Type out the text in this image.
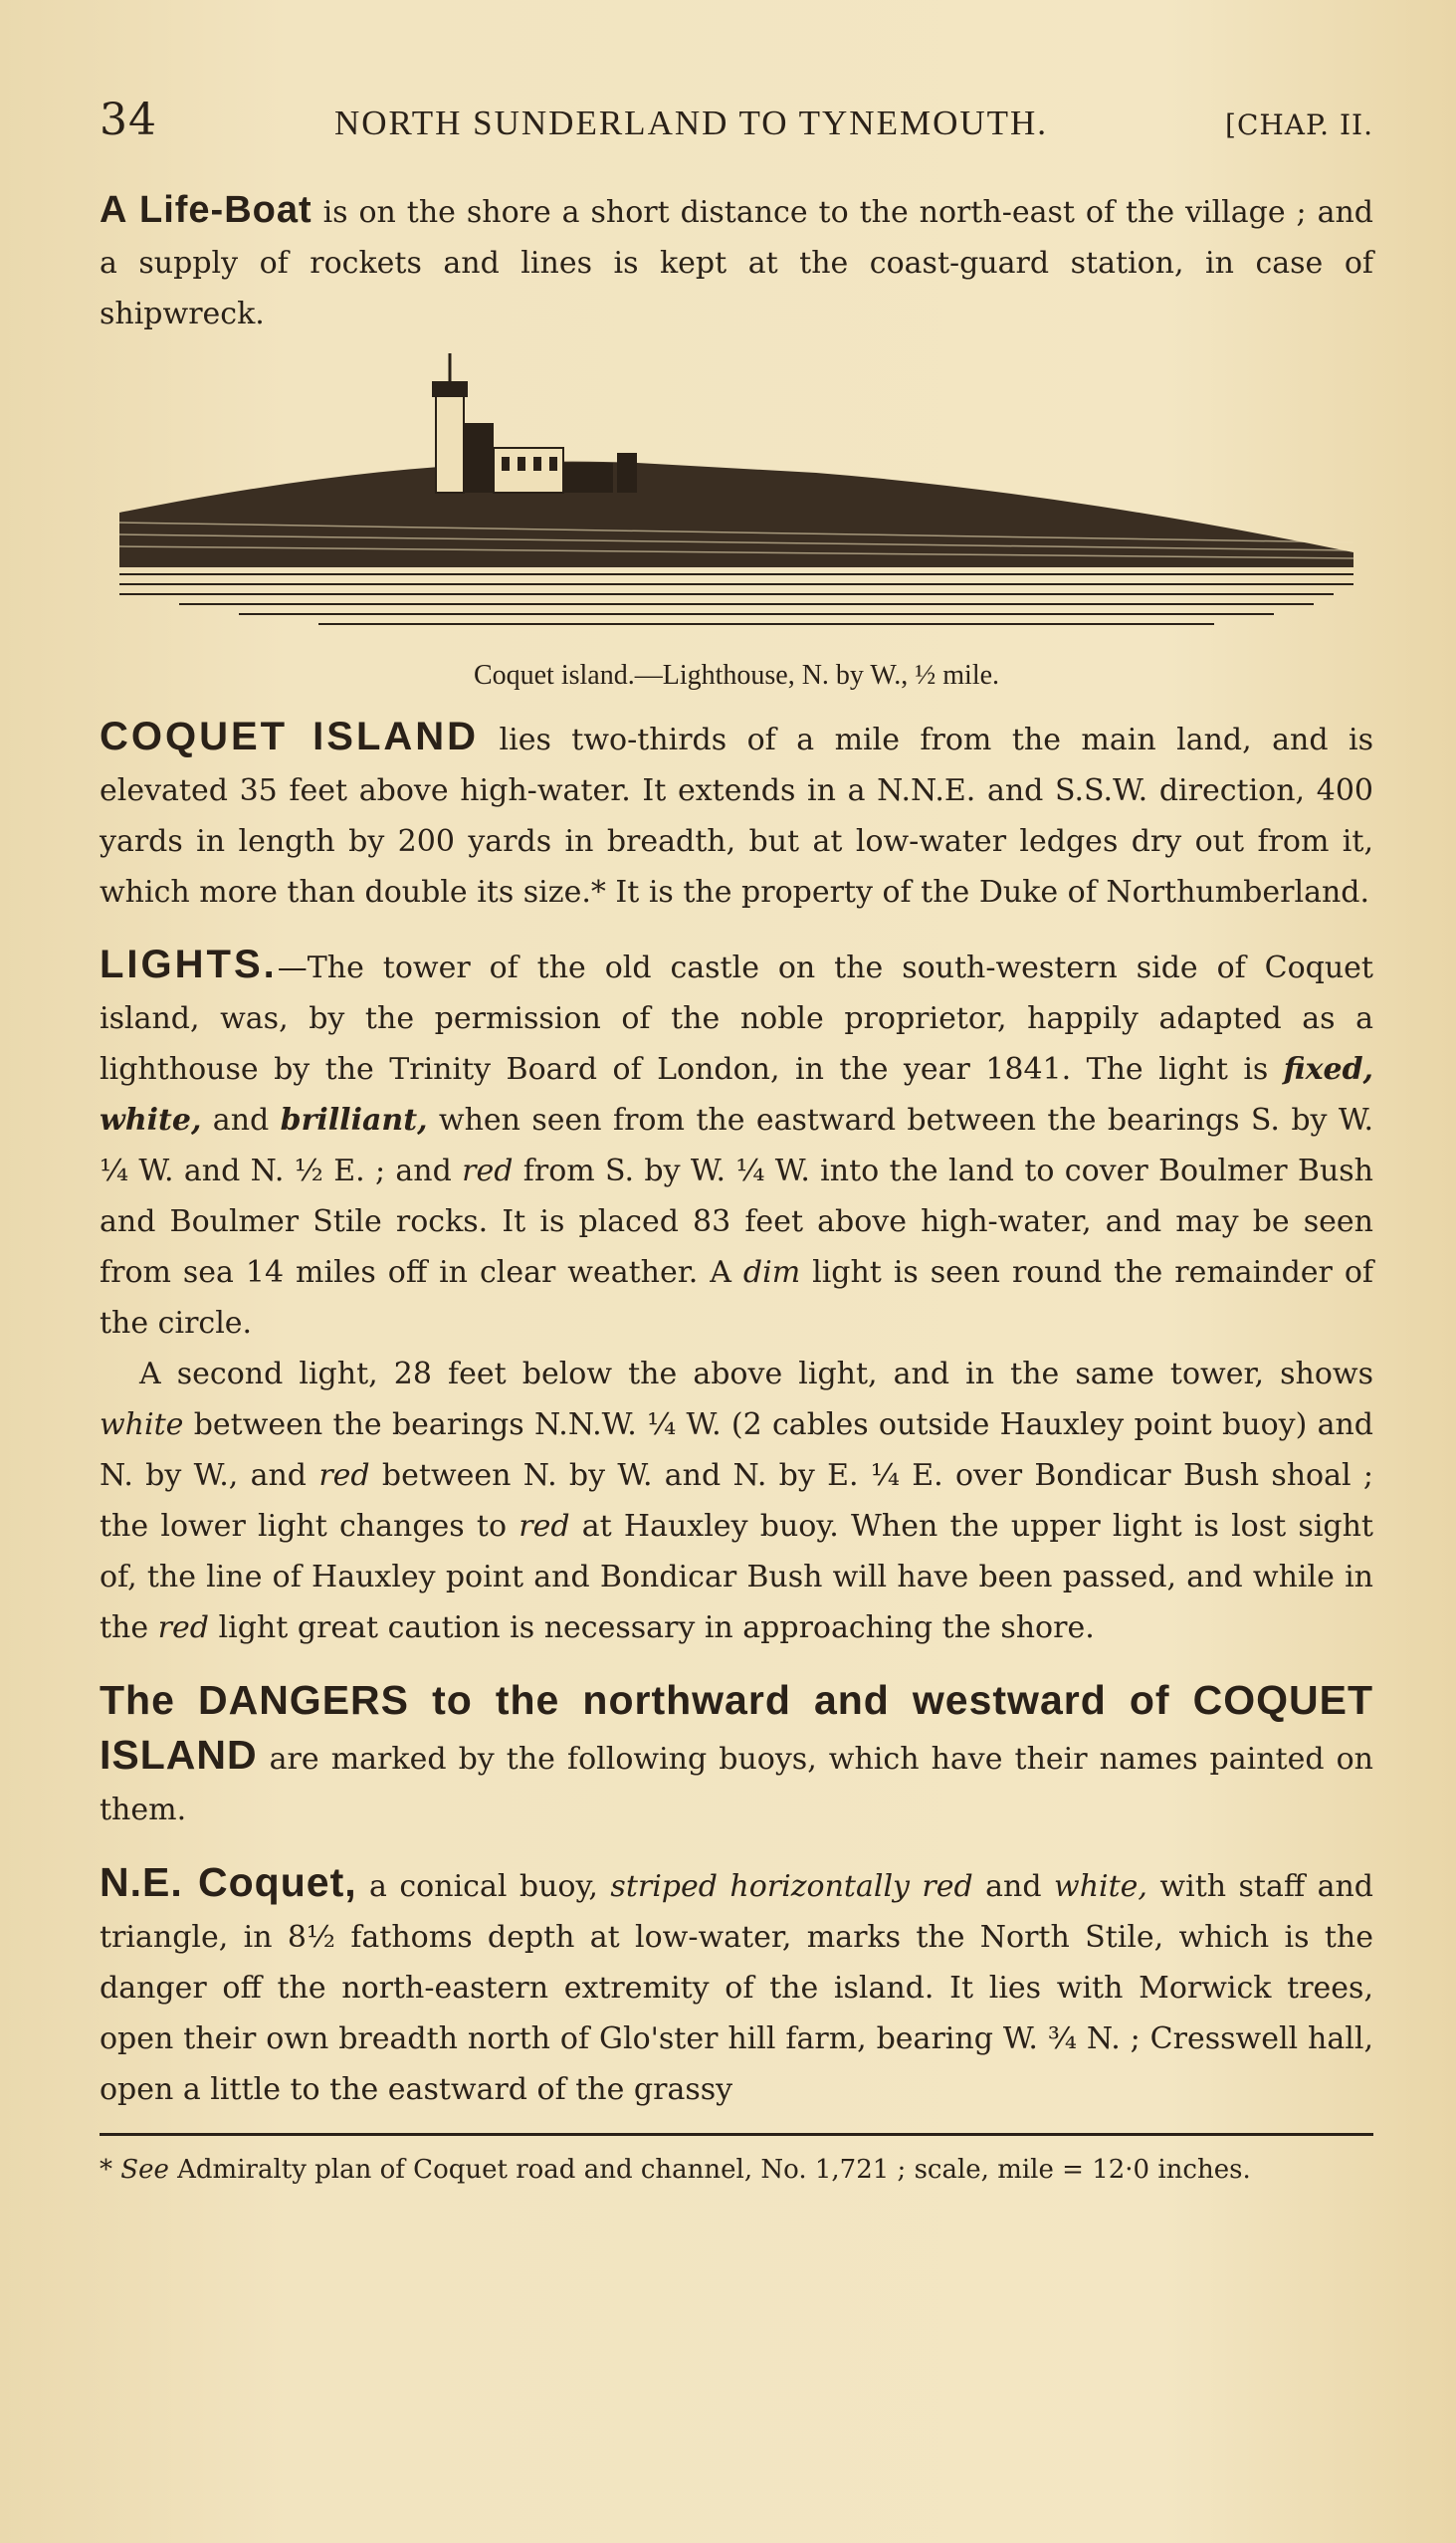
34	NORTH SUNDERLAND TO TYNEMOUTH.	[CHAP. II.

A Life-Boat is on the shore a short distance to the north-east of the village ; and a supply of rockets and lines is kept at the coast-guard station, in case of shipwreck.

Coquet island.—Lighthouse, N. by W., ½ mile.

COQUET ISLAND lies two-thirds of a mile from the main land, and is elevated 35 feet above high-water. It extends in a N.N.E. and S.S.W. direction, 400 yards in length by 200 yards in breadth, but at low-water ledges dry out from it, which more than double its size.* It is the property of the Duke of Northumberland.

LIGHTS.—The tower of the old castle on the south-western side of Coquet island, was, by the permission of the noble proprietor, happily adapted as a lighthouse by the Trinity Board of London, in the year 1841. The light is fixed, white, and brilliant, when seen from the eastward between the bearings S. by W. ¼ W. and N. ½ E. ; and red from S. by W. ¼ W. into the land to cover Boulmer Bush and Boulmer Stile rocks. It is placed 83 feet above high-water, and may be seen from sea 14 miles off in clear weather. A dim light is seen round the remainder of the circle.

A second light, 28 feet below the above light, and in the same tower, shows white between the bearings N.N.W. ¼ W. (2 cables outside Hauxley point buoy) and N. by W., and red between N. by W. and N. by E. ¼ E. over Bondicar Bush shoal ; the lower light changes to red at Hauxley buoy. When the upper light is lost sight of, the line of Hauxley point and Bondicar Bush will have been passed, and while in the red light great caution is necessary in approaching the shore.

The DANGERS to the northward and westward of COQUET ISLAND are marked by the following buoys, which have their names painted on them.

N.E. Coquet, a conical buoy, striped horizontally red and white, with staff and triangle, in 8½ fathoms depth at low-water, marks the North Stile, which is the danger off the north-eastern extremity of the island. It lies with Morwick trees, open their own breadth north of Glo'ster hill farm, bearing W. ¾ N. ; Cresswell hall, open a little to the eastward of the grassy

* See Admiralty plan of Coquet road and channel, No. 1,721 ; scale, mile = 12·0 inches.
